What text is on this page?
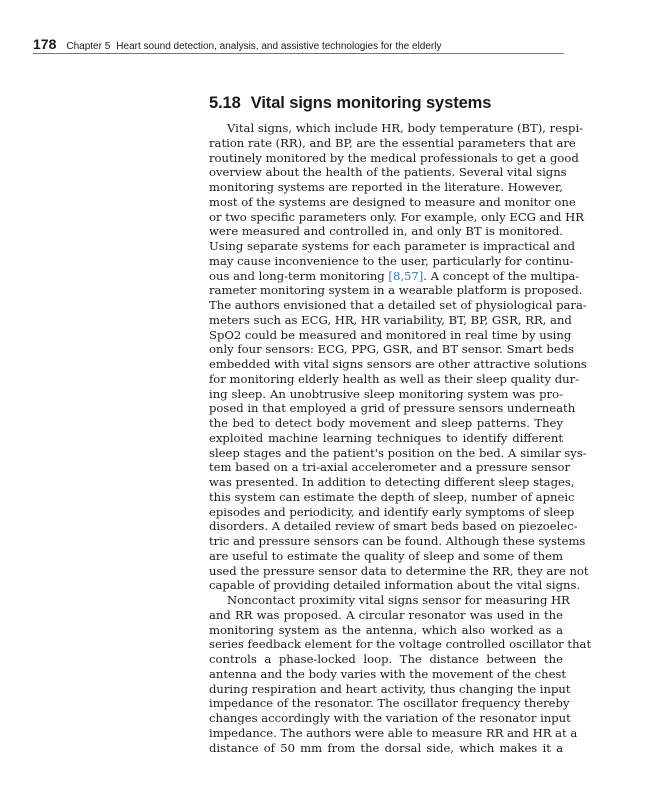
178 Chapter 5 Heart sound detection, analysis, and assistive technologies for the elderly
5.18 Vital signs monitoring systems
Vital signs, which include HR, body temperature (BT), respi-
ration rate (RR), and BP, are the essential parameters that are
routinely monitored by the medical professionals to get a good
overview about the health of the patients. Several vital signs
monitoring systems are reported in the literature. However,
most of the systems are designed to measure and monitor one
or two specific parameters only. For example, only ECG and HR
were measured and controlled in, and only BT is monitored.
Using separate systems for each parameter is impractical and
may cause inconvenience to the user, particularly for continu-
ous and long-term monitoring [8,57]. A concept of the multipa-
rameter monitoring system in a wearable platform is proposed.
The authors envisioned that a detailed set of physiological para-
meters such as ECG, HR, HR variability, BT, BP, GSR, RR, and
SpO2 could be measured and monitored in real time by using
only four sensors: ECG, PPG, GSR, and BT sensor. Smart beds
embedded with vital signs sensors are other attractive solutions
for monitoring elderly health as well as their sleep quality dur-
ing sleep. An unobtrusive sleep monitoring system was pro-
posed in that employed a grid of pressure sensors underneath
the bed to detect body movement and sleep patterns. They
exploited machine learning techniques to identify different
sleep stages and the patient's position on the bed. A similar sys-
tem based on a tri-axial accelerometer and a pressure sensor
was presented. In addition to detecting different sleep stages,
this system can estimate the depth of sleep, number of apneic
episodes and periodicity, and identify early symptoms of sleep
disorders. A detailed review of smart beds based on piezoelec-
tric and pressure sensors can be found. Although these systems
are useful to estimate the quality of sleep and some of them
used the pressure sensor data to determine the RR, they are not
capable of providing detailed information about the vital signs.
Noncontact proximity vital signs sensor for measuring HR
and RR was proposed. A circular resonator was used in the
monitoring system as the antenna, which also worked as a
series feedback element for the voltage controlled oscillator that
controls a phase-locked loop. The distance between the
antenna and the body varies with the movement of the chest
during respiration and heart activity, thus changing the input
impedance of the resonator. The oscillator frequency thereby
changes accordingly with the variation of the resonator input
impedance. The authors were able to measure RR and HR at a
distance of 50 mm from the dorsal side, which makes it a
